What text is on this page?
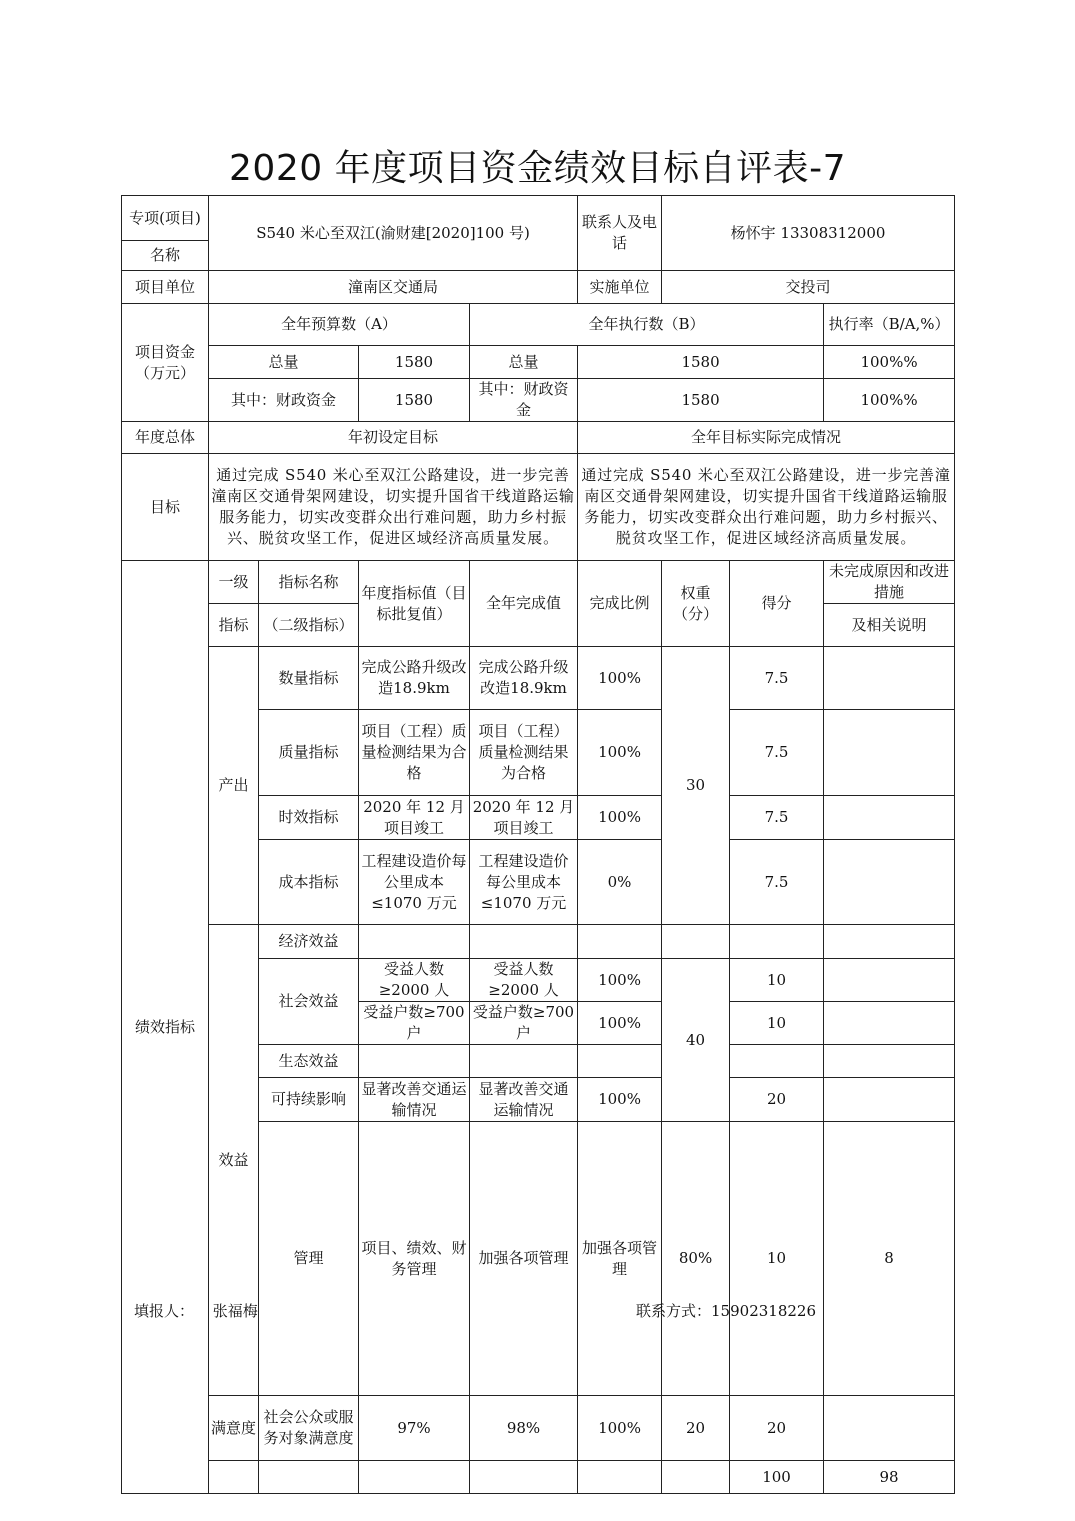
2020 年度项目资金绩效目标自评表-7
专项(项目)	S540 米心至双江(渝财建[2020]100 号)				联系人及电话	杨怀宇 13308312000			
名称									
项目单位	潼南区交通局				实施单位	交投司			
项目资金（万元）	全年预算数（A）			全年执行数（B）				执行率（B/A,%）	
	总量		1580	总量	1580			100%%	
	其中：财政资金		1580	其中：财政资金	1580			100%%	
年度总体	年初设定目标				全年目标实际完成情况				
目标	通过完成 S540 米心至双江公路建设，进一步完善潼南区交通骨架网建设，切实提升国省干线道路运输服务能力，切实改变群众出行难问题，助力乡村振兴、脱贫攻坚工作，促进区域经济高质量发展。				通过完成 S540 米心至双江公路建设，进一步完善潼南区交通骨架网建设，切实提升国省干线道路运输服务能力，切实改变群众出行难问题，助力乡村振兴、脱贫攻坚工作，促进区域经济高质量发展。				
绩效指标	一级	指标名称	年度指标值（目标批复值）	全年完成值	完成比例	权重（分）	得分	未完成原因和改进措施	
	指标	（二级指标）						及相关说明	
	产出	数量指标	完成公路升级改造18.9km	完成公路升级改造18.9km	100%	30	7.5		
		质量指标	项目（工程）质量检测结果为合格	项目（工程）质量检测结果为合格	100%		7.5		
		时效指标	2020 年 12 月项目竣工	2020 年 12 月项目竣工	100%		7.5		
		成本指标	工程建设造价每公里成本≤1070 万元	工程建设造价每公里成本≤1070 万元	0%		7.5		
	效益	经济效益							
		社会效益	受益人数≥2000 人	受益人数≥2000 人	100%	40	10		
			受益户数≥700 户	受益户数≥700 户	100%		10		
		生态效益							
		可持续影响	显著改善交通运输情况	显著改善交通运输情况	100%		20		
		管理	项目、绩效、财务管理	加强各项管理	加强各项管理	80%	10	8	
	满意度	社会公众或服务对象满意度	97%	98%	100%	20	20		
							100	98	
填报人： 张福梅	联系方式：15902318226
